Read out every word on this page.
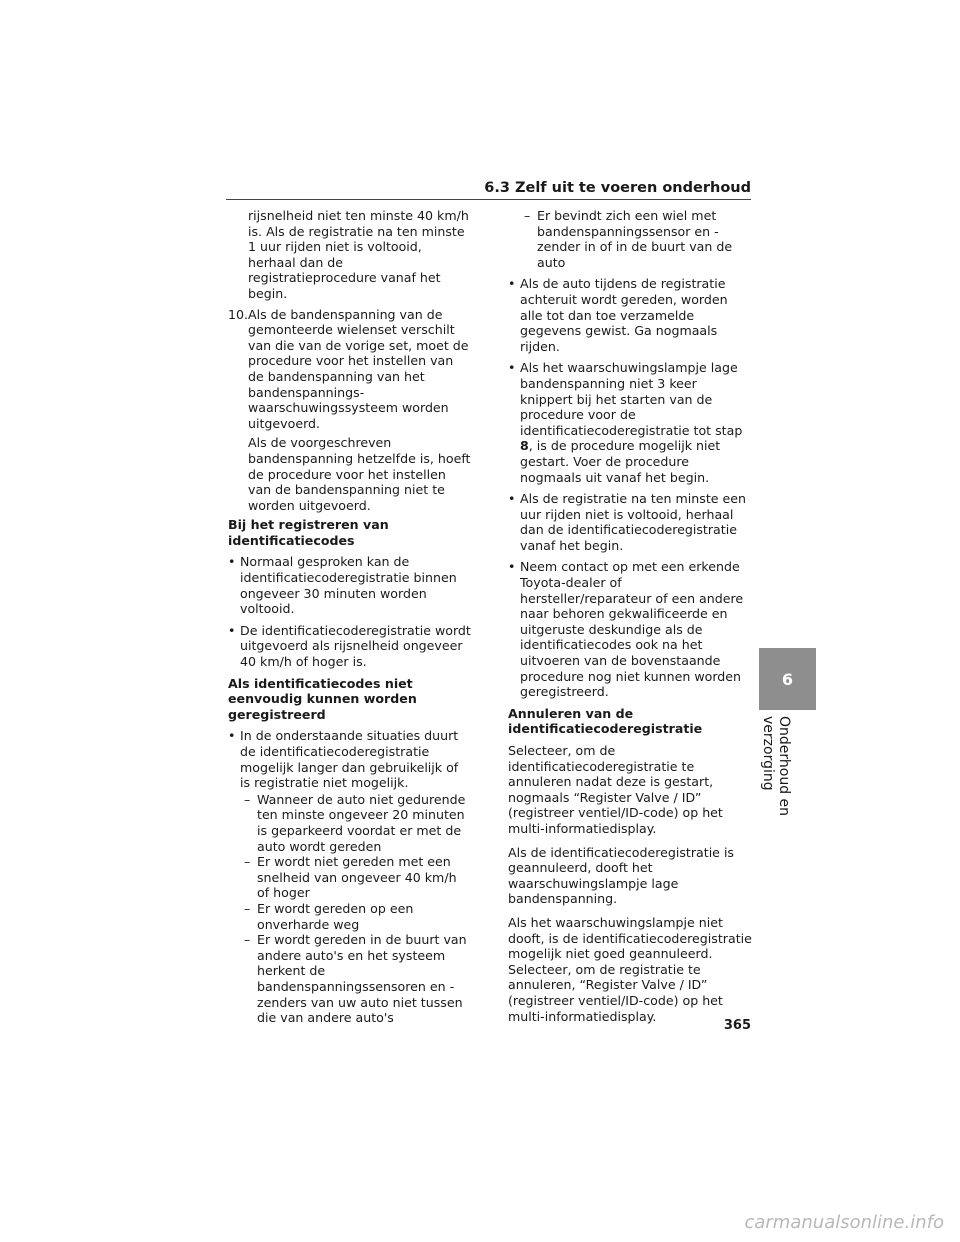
6.3 Zelf uit te voeren onderhoud

rijsnelheid niet ten minste 40 km/h is. Als de registratie na ten minste 1 uur rijden niet is voltooid, herhaal dan de registratieprocedure vanaf het begin.

10. Als de bandenspanning van de gemonteerde wielenset verschilt van die van de vorige set, moet de procedure voor het instellen van de bandenspanning van het bandenspanningswaarschuwingssysteem worden uitgevoerd.

Als de voorgeschreven bandenspanning hetzelfde is, hoeft de procedure voor het instellen van de bandenspanning niet te worden uitgevoerd.

Bij het registreren van identificatiecodes

• Normaal gesproken kan de identificatiecoderegistratie binnen ongeveer 30 minuten worden voltooid.
• De identificatiecoderegistratie wordt uitgevoerd als rijsnelheid ongeveer 40 km/h of hoger is.

Als identificatiecodes niet eenvoudig kunnen worden geregistreerd

• In de onderstaande situaties duurt de identificatiecoderegistratie mogelijk langer dan gebruikelijk of is registratie niet mogelijk.
– Wanneer de auto niet gedurende ten minste ongeveer 20 minuten is geparkeerd voordat er met de auto wordt gereden
– Er wordt niet gereden met een snelheid van ongeveer 40 km/h of hoger
– Er wordt gereden op een onverharde weg
– Er wordt gereden in de buurt van andere auto's en het systeem herkent de bandenspanningssensoren en -zenders van uw auto niet tussen die van andere auto's
– Er bevindt zich een wiel met bandenspanningssensor en -zender in of in de buurt van de auto
• Als de auto tijdens de registratie achteruit wordt gereden, worden alle tot dan toe verzamelde gegevens gewist. Ga nogmaals rijden.
• Als het waarschuwingslampje lage bandenspanning niet 3 keer knippert bij het starten van de procedure voor de identificatiecoderegistratie tot stap 8, is de procedure mogelijk niet gestart. Voer de procedure nogmaals uit vanaf het begin.
• Als de registratie na ten minste een uur rijden niet is voltooid, herhaal dan de identificatiecoderegistratie vanaf het begin.
• Neem contact op met een erkende Toyota-dealer of hersteller/reparateur of een andere naar behoren gekwalificeerde en uitgeruste deskundige als de identificatiecodes ook na het uitvoeren van de bovenstaande procedure nog niet kunnen worden geregistreerd.

Annuleren van de identificatiecoderegistratie

Selecteer, om de identificatiecoderegistratie te annuleren nadat deze is gestart, nogmaals “Register Valve / ID” (registreer ventiel/ID-code) op het multi-informatiedisplay.

Als de identificatiecoderegistratie is geannuleerd, dooft het waarschuwingslampje lage bandenspanning.

Als het waarschuwingslampje niet dooft, is de identificatiecoderegistratie mogelijk niet goed geannuleerd. Selecteer, om de registratie te annuleren, “Register Valve / ID” (registreer ventiel/ID-code) op het multi-informatiedisplay.

6
Onderhoud en verzorging
365
carmanualsonline.info
